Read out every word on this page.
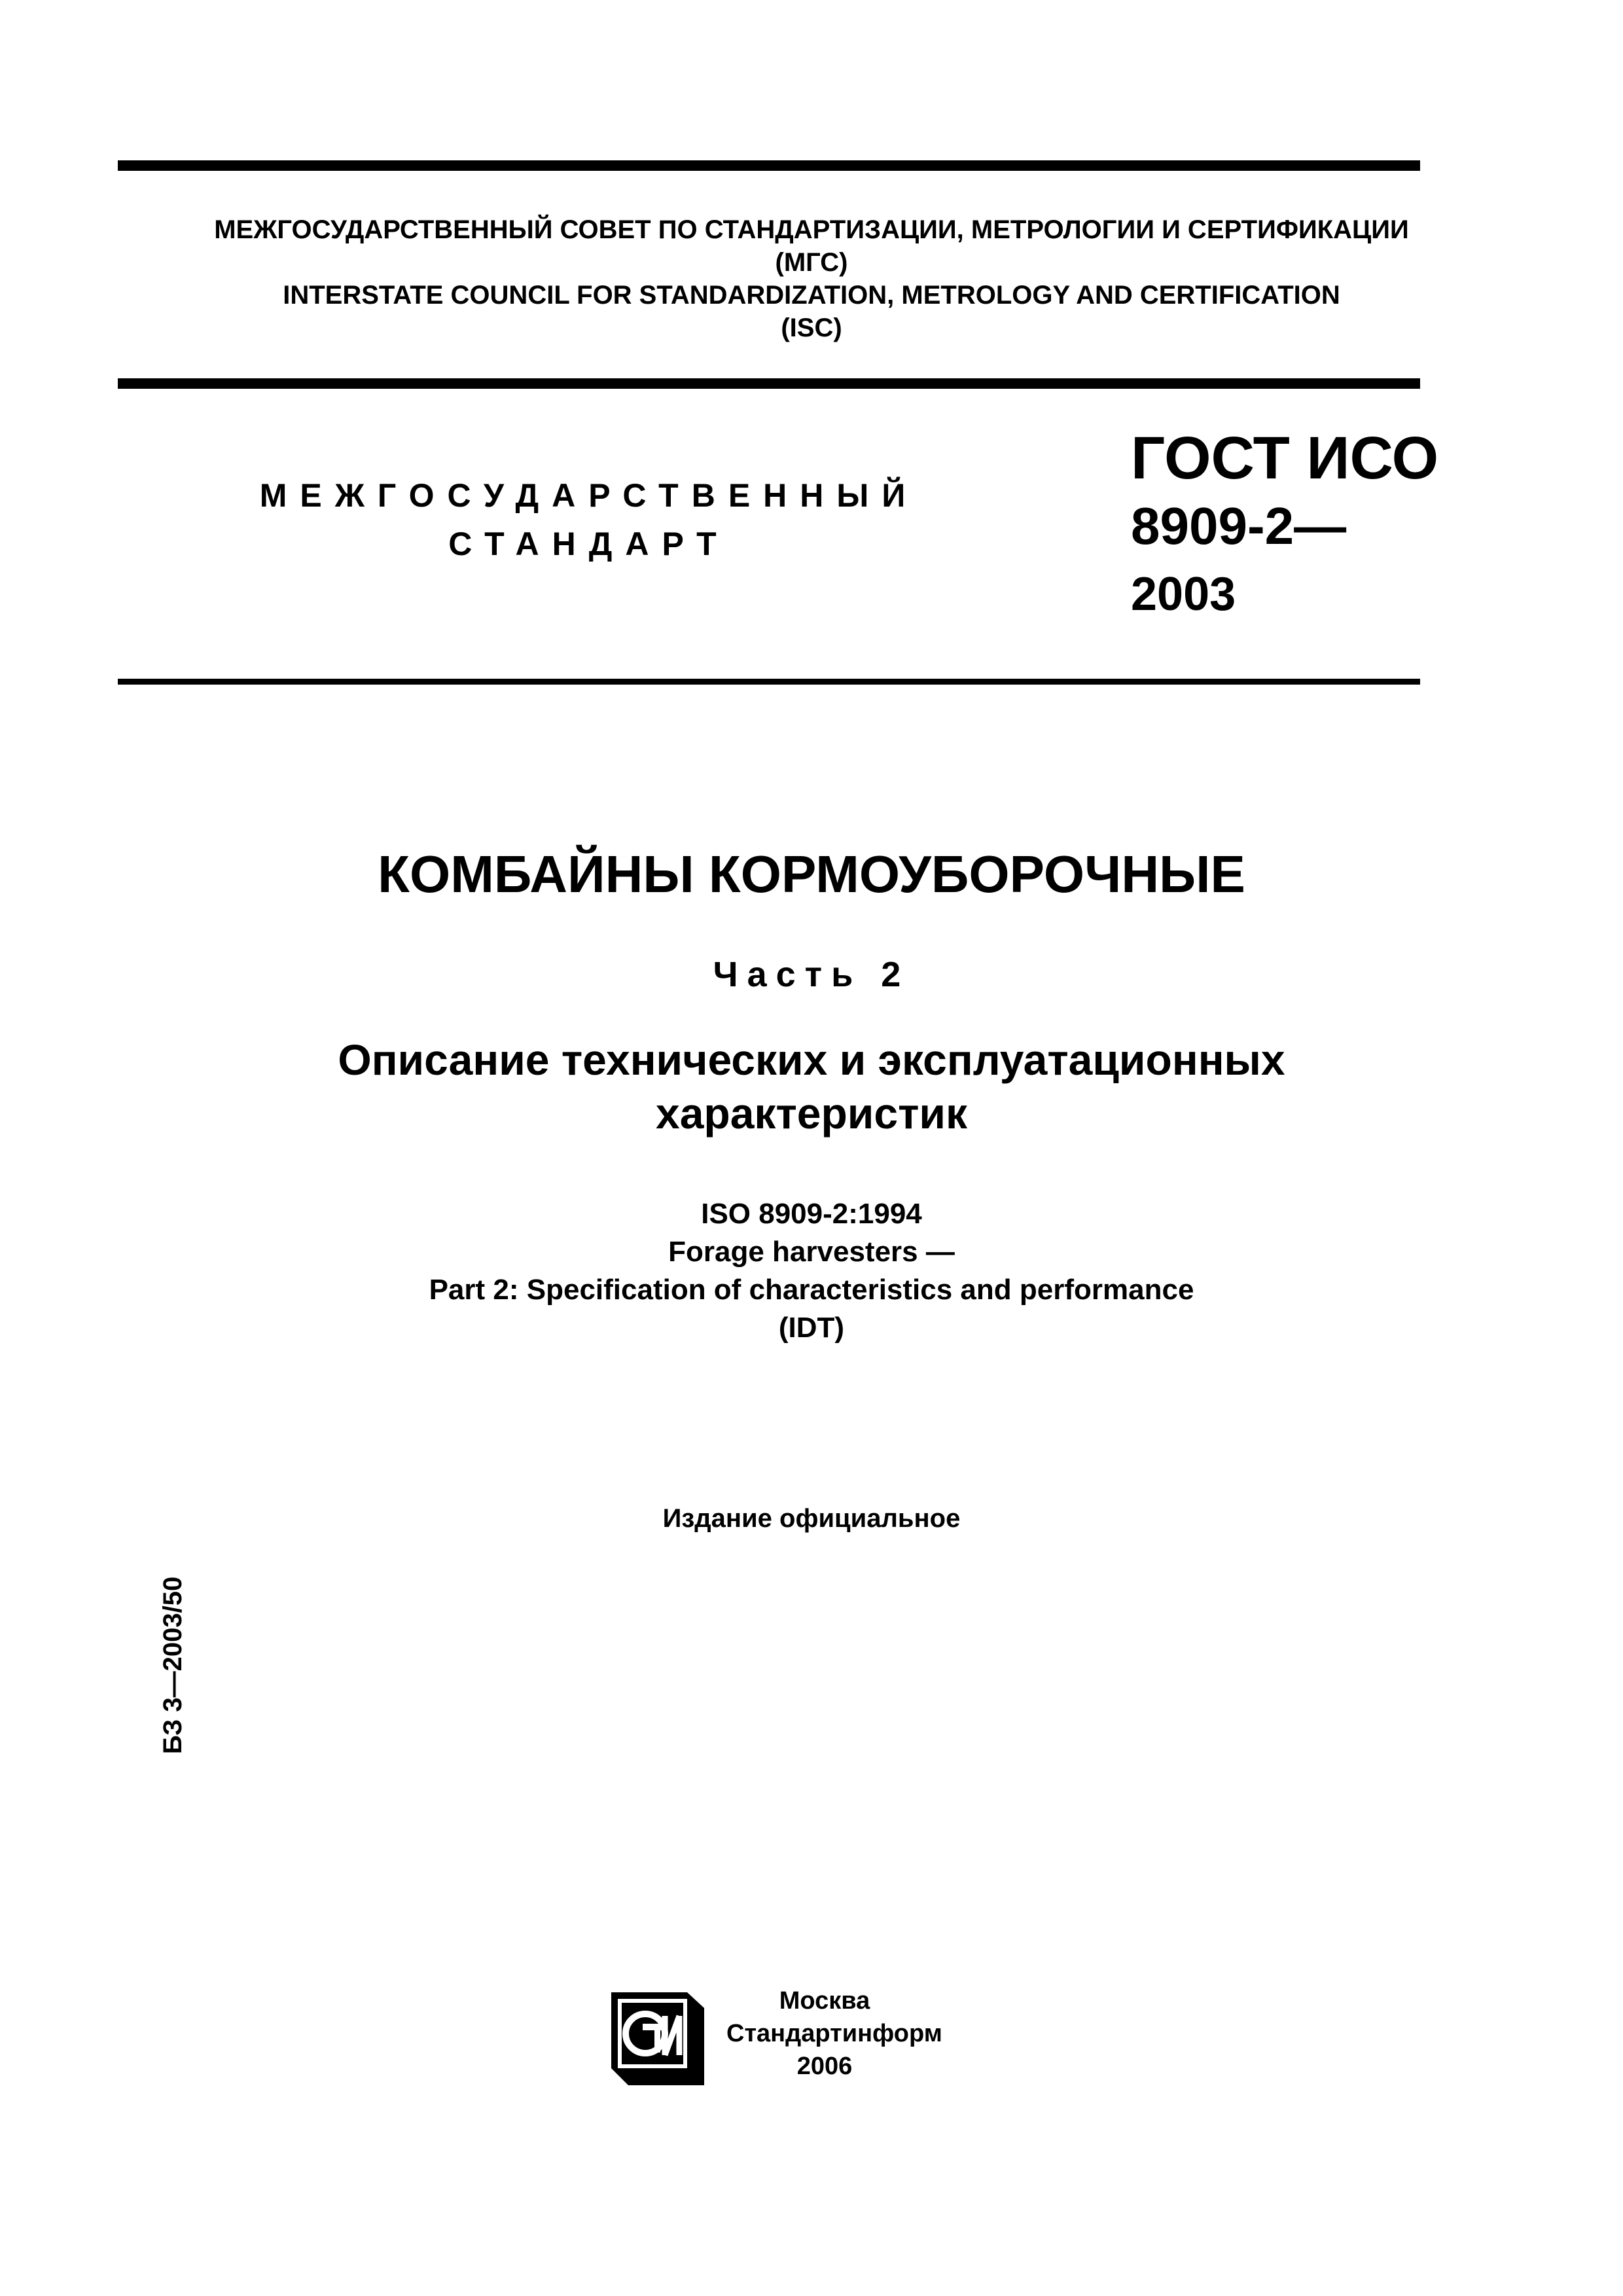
МЕЖГОСУДАРСТВЕННЫЙ СОВЕТ ПО СТАНДАРТИЗАЦИИ, МЕТРОЛОГИИ И СЕРТИФИКАЦИИ
(МГС)
INTERSTATE COUNCIL FOR STANDARDIZATION, METROLOGY AND CERTIFICATION
(ISC)
МЕЖГОСУДАРСТВЕННЫЙ
СТАНДАРТ
ГОСТ ИСО
8909-2—
2003
КОМБАЙНЫ КОРМОУБОРОЧНЫЕ
Часть 2
Описание технических и эксплуатационных
характеристик
ISO 8909-2:1994
Forage harvesters —
Part 2: Specification of characteristics and performance
(IDT)
Издание официальное
БЗ 3—2003/50
Москва
Стандартинформ
2006
